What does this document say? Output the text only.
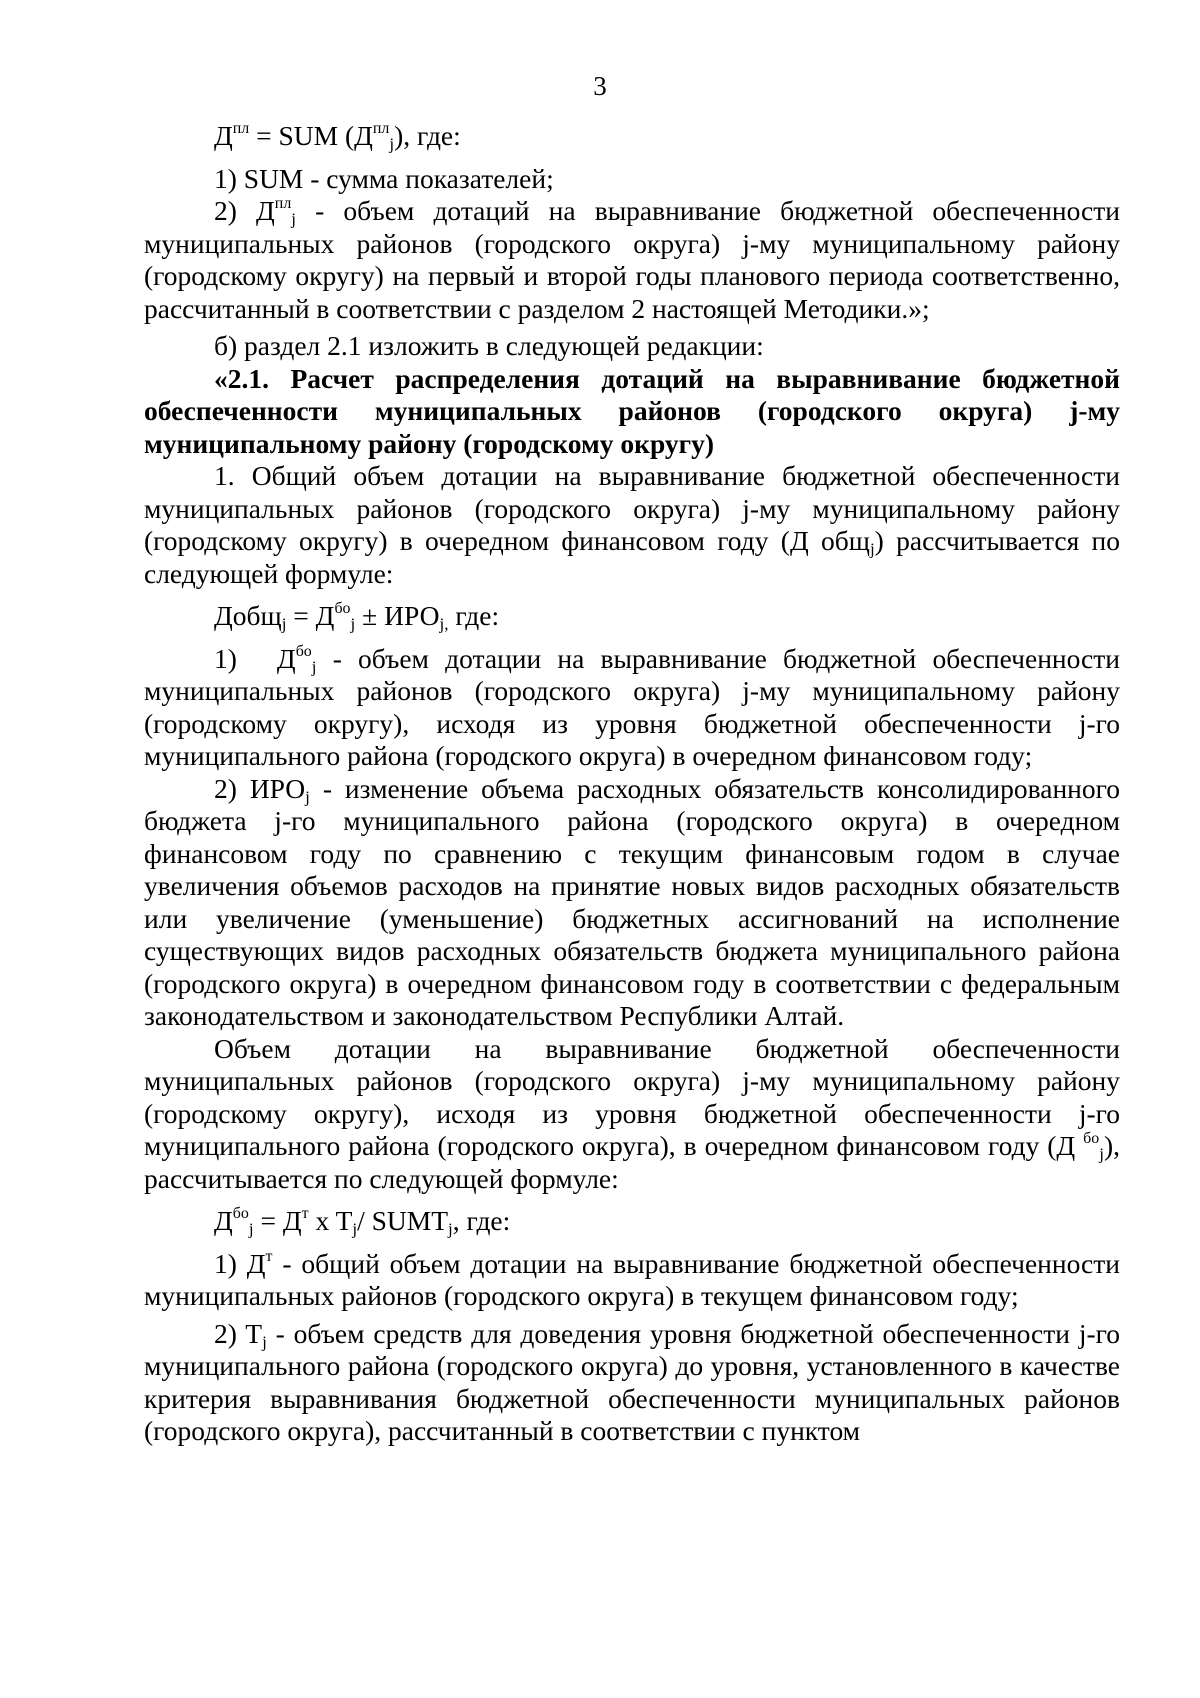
3

$Д^{пл}$ = SUM $(Д^{пл}_j)$, где:

1) SUM - сумма показателей;

2) $Д^{пл}_j$ - объем дотаций на выравнивание бюджетной обеспеченности муниципальных районов (городского округа) j-му муниципальному району (городскому округу) на первый и второй годы планового периода соответственно, рассчитанный в соответствии с разделом 2 настоящей Методики.»;

б) раздел 2.1 изложить в следующей редакции:

«2.1. Расчет распределения дотаций на выравнивание бюджетной обеспеченности муниципальных районов (городского округа) j-му муниципальному району (городскому округу)

1. Общий объем дотации на выравнивание бюджетной обеспеченности муниципальных районов (городского округа) j-му муниципальному району (городскому округу) в очередном финансовом году (Д общ$_j$) рассчитывается по следующей формуле:

Добщ$_j$ = $Д^{бо}_j \pm ИРО_{j,}$ где:

1) $Д^{бо}_j$ - объем дотации на выравнивание бюджетной обеспеченности муниципальных районов (городского округа) j-му муниципальному району (городскому округу), исходя из уровня бюджетной обеспеченности j-го муниципального района (городского округа) в очередном финансовом году;

2) $ИРО_j$ - изменение объема расходных обязательств консолидированного бюджета j-го муниципального района (городского округа) в очередном финансовом году по сравнению с текущим финансовым годом в случае увеличения объемов расходов на принятие новых видов расходных обязательств или увеличение (уменьшение) бюджетных ассигнований на исполнение существующих видов расходных обязательств бюджета муниципального района (городского округа) в очередном финансовом году в соответствии с федеральным законодательством и законодательством Республики Алтай.

Объем дотации на выравнивание бюджетной обеспеченности муниципальных районов (городского округа) j-му муниципальному району (городскому округу), исходя из уровня бюджетной обеспеченности j-го муниципального района (городского округа), в очередном финансовом году (Д $^{бо}_j$), рассчитывается по следующей формуле:

$Д^{бо}_j = Д^т$ x $T_j/$ $SUMT_j$, где:

1) $Д^т$ - общий объем дотации на выравнивание бюджетной обеспеченности муниципальных районов (городского округа) в текущем финансовом году;

2) $T_j$ - объем средств для доведения уровня бюджетной обеспеченности j-го муниципального района (городского округа) до уровня, установленного в качестве критерия выравнивания бюджетной обеспеченности муниципальных районов (городского округа), рассчитанный в соответствии с пунктом
